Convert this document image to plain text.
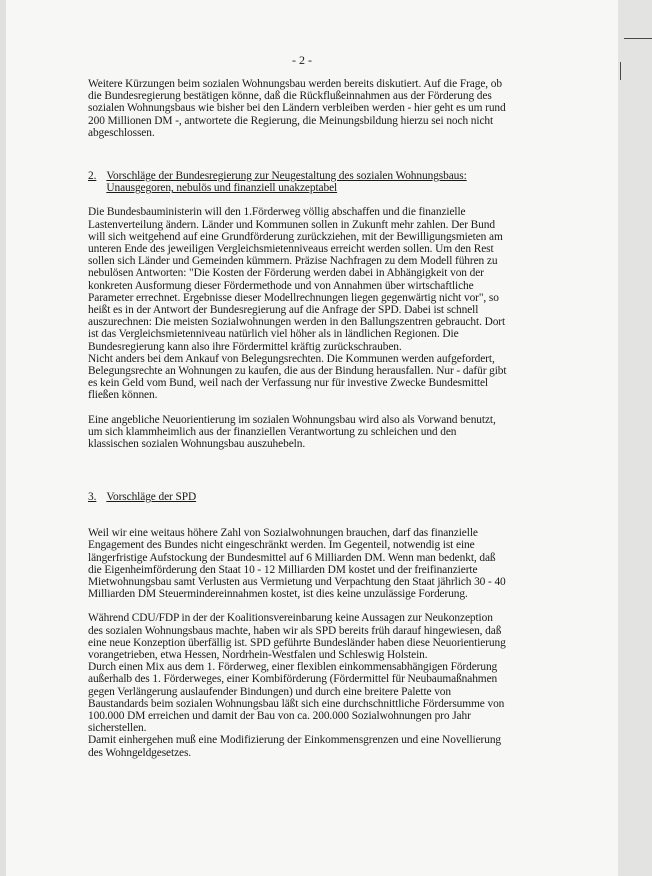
- 2 -

Weitere Kürzungen beim sozialen Wohnungsbau werden bereits diskutiert. Auf die Frage, ob die Bundesregierung bestätigen könne, daß die Rückflußeinnahmen aus der Förderung des sozialen Wohnungsbaus wie bisher bei den Ländern verbleiben werden - hier geht es um rund 200 Millionen DM -, antwortete die Regierung, die Meinungsbildung hierzu sei noch nicht abgeschlossen.

2. Vorschläge der Bundesregierung zur Neugestaltung des sozialen Wohnungsbaus: Unausgegoren, nebulös und finanziell unakzeptabel

Die Bundesbauministerin will den 1.Förderweg völlig abschaffen und die finanzielle Lastenverteilung ändern. Länder und Kommunen sollen in Zukunft mehr zahlen. Der Bund will sich weitgehend auf eine Grundförderung zurückziehen, mit der Bewilligungsmieten am unteren Ende des jeweiligen Vergleichsmietenniveaus erreicht werden sollen. Um den Rest sollen sich Länder und Gemeinden kümmern. Präzise Nachfragen zu dem Modell führen zu nebulösen Antworten: "Die Kosten der Förderung werden dabei in Abhängigkeit von der konkreten Ausformung dieser Fördermethode und von Annahmen über wirtschaftliche Parameter errechnet. Ergebnisse dieser Modellrechnungen liegen gegenwärtig nicht vor", so heißt es in der Antwort der Bundesregierung auf die Anfrage der SPD. Dabei ist schnell auszurechnen: Die meisten Sozialwohnungen werden in den Ballungszentren gebraucht. Dort ist das Vergleichsmietenniveau natürlich viel höher als in ländlichen Regionen. Die Bundesregierung kann also ihre Fördermittel kräftig zurückschrauben.

Nicht anders bei dem Ankauf von Belegungsrechten. Die Kommunen werden aufgefordert, Belegungsrechte an Wohnungen zu kaufen, die aus der Bindung herausfallen. Nur - dafür gibt es kein Geld vom Bund, weil nach der Verfassung nur für investive Zwecke Bundesmittel fließen können.

Eine angebliche Neuorientierung im sozialen Wohnungsbau wird also als Vorwand benutzt, um sich klammheimlich aus der finanziellen Verantwortung zu schleichen und den klassischen sozialen Wohnungsbau auszuhebeln.

3. Vorschläge der SPD

Weil wir eine weitaus höhere Zahl von Sozialwohnungen brauchen, darf das finanzielle Engagement des Bundes nicht eingeschränkt werden. Im Gegenteil, notwendig ist eine längerfristige Aufstockung der Bundesmittel auf 6 Milliarden DM. Wenn man bedenkt, daß die Eigenheimförderung den Staat 10 - 12 Milliarden DM kostet und der freifinanzierte Mietwohnungsbau samt Verlusten aus Vermietung und Verpachtung den Staat jährlich 30 - 40 Milliarden DM Steuermindereinnahmen kostet, ist dies keine unzulässige Forderung.

Während CDU/FDP in der der Koalitionsvereinbarung keine Aussagen zur Neukonzeption des sozialen Wohnungsbaus machte, haben wir als SPD bereits früh darauf hingewiesen, daß eine neue Konzeption überfällig ist. SPD geführte Bundesländer haben diese Neuorientierung vorangetrieben, etwa Hessen, Nordrhein-Westfalen und Schleswig Holstein.

Durch einen Mix aus dem 1. Förderweg, einer flexiblen einkommensabhängigen Förderung außerhalb des 1. Förderweges, einer Kombiförderung (Fördermittel für Neubaumaßnahmen gegen Verlängerung auslaufender Bindungen) und durch eine breitere Palette von Baustandards beim sozialen Wohnungsbau läßt sich eine durchschnittliche Fördersumme von 100.000 DM erreichen und damit der Bau von ca. 200.000 Sozialwohnungen pro Jahr sicherstellen.

Damit einhergehen muß eine Modifizierung der Einkommensgrenzen und eine Novellierung des Wohngeldgesetzes.
